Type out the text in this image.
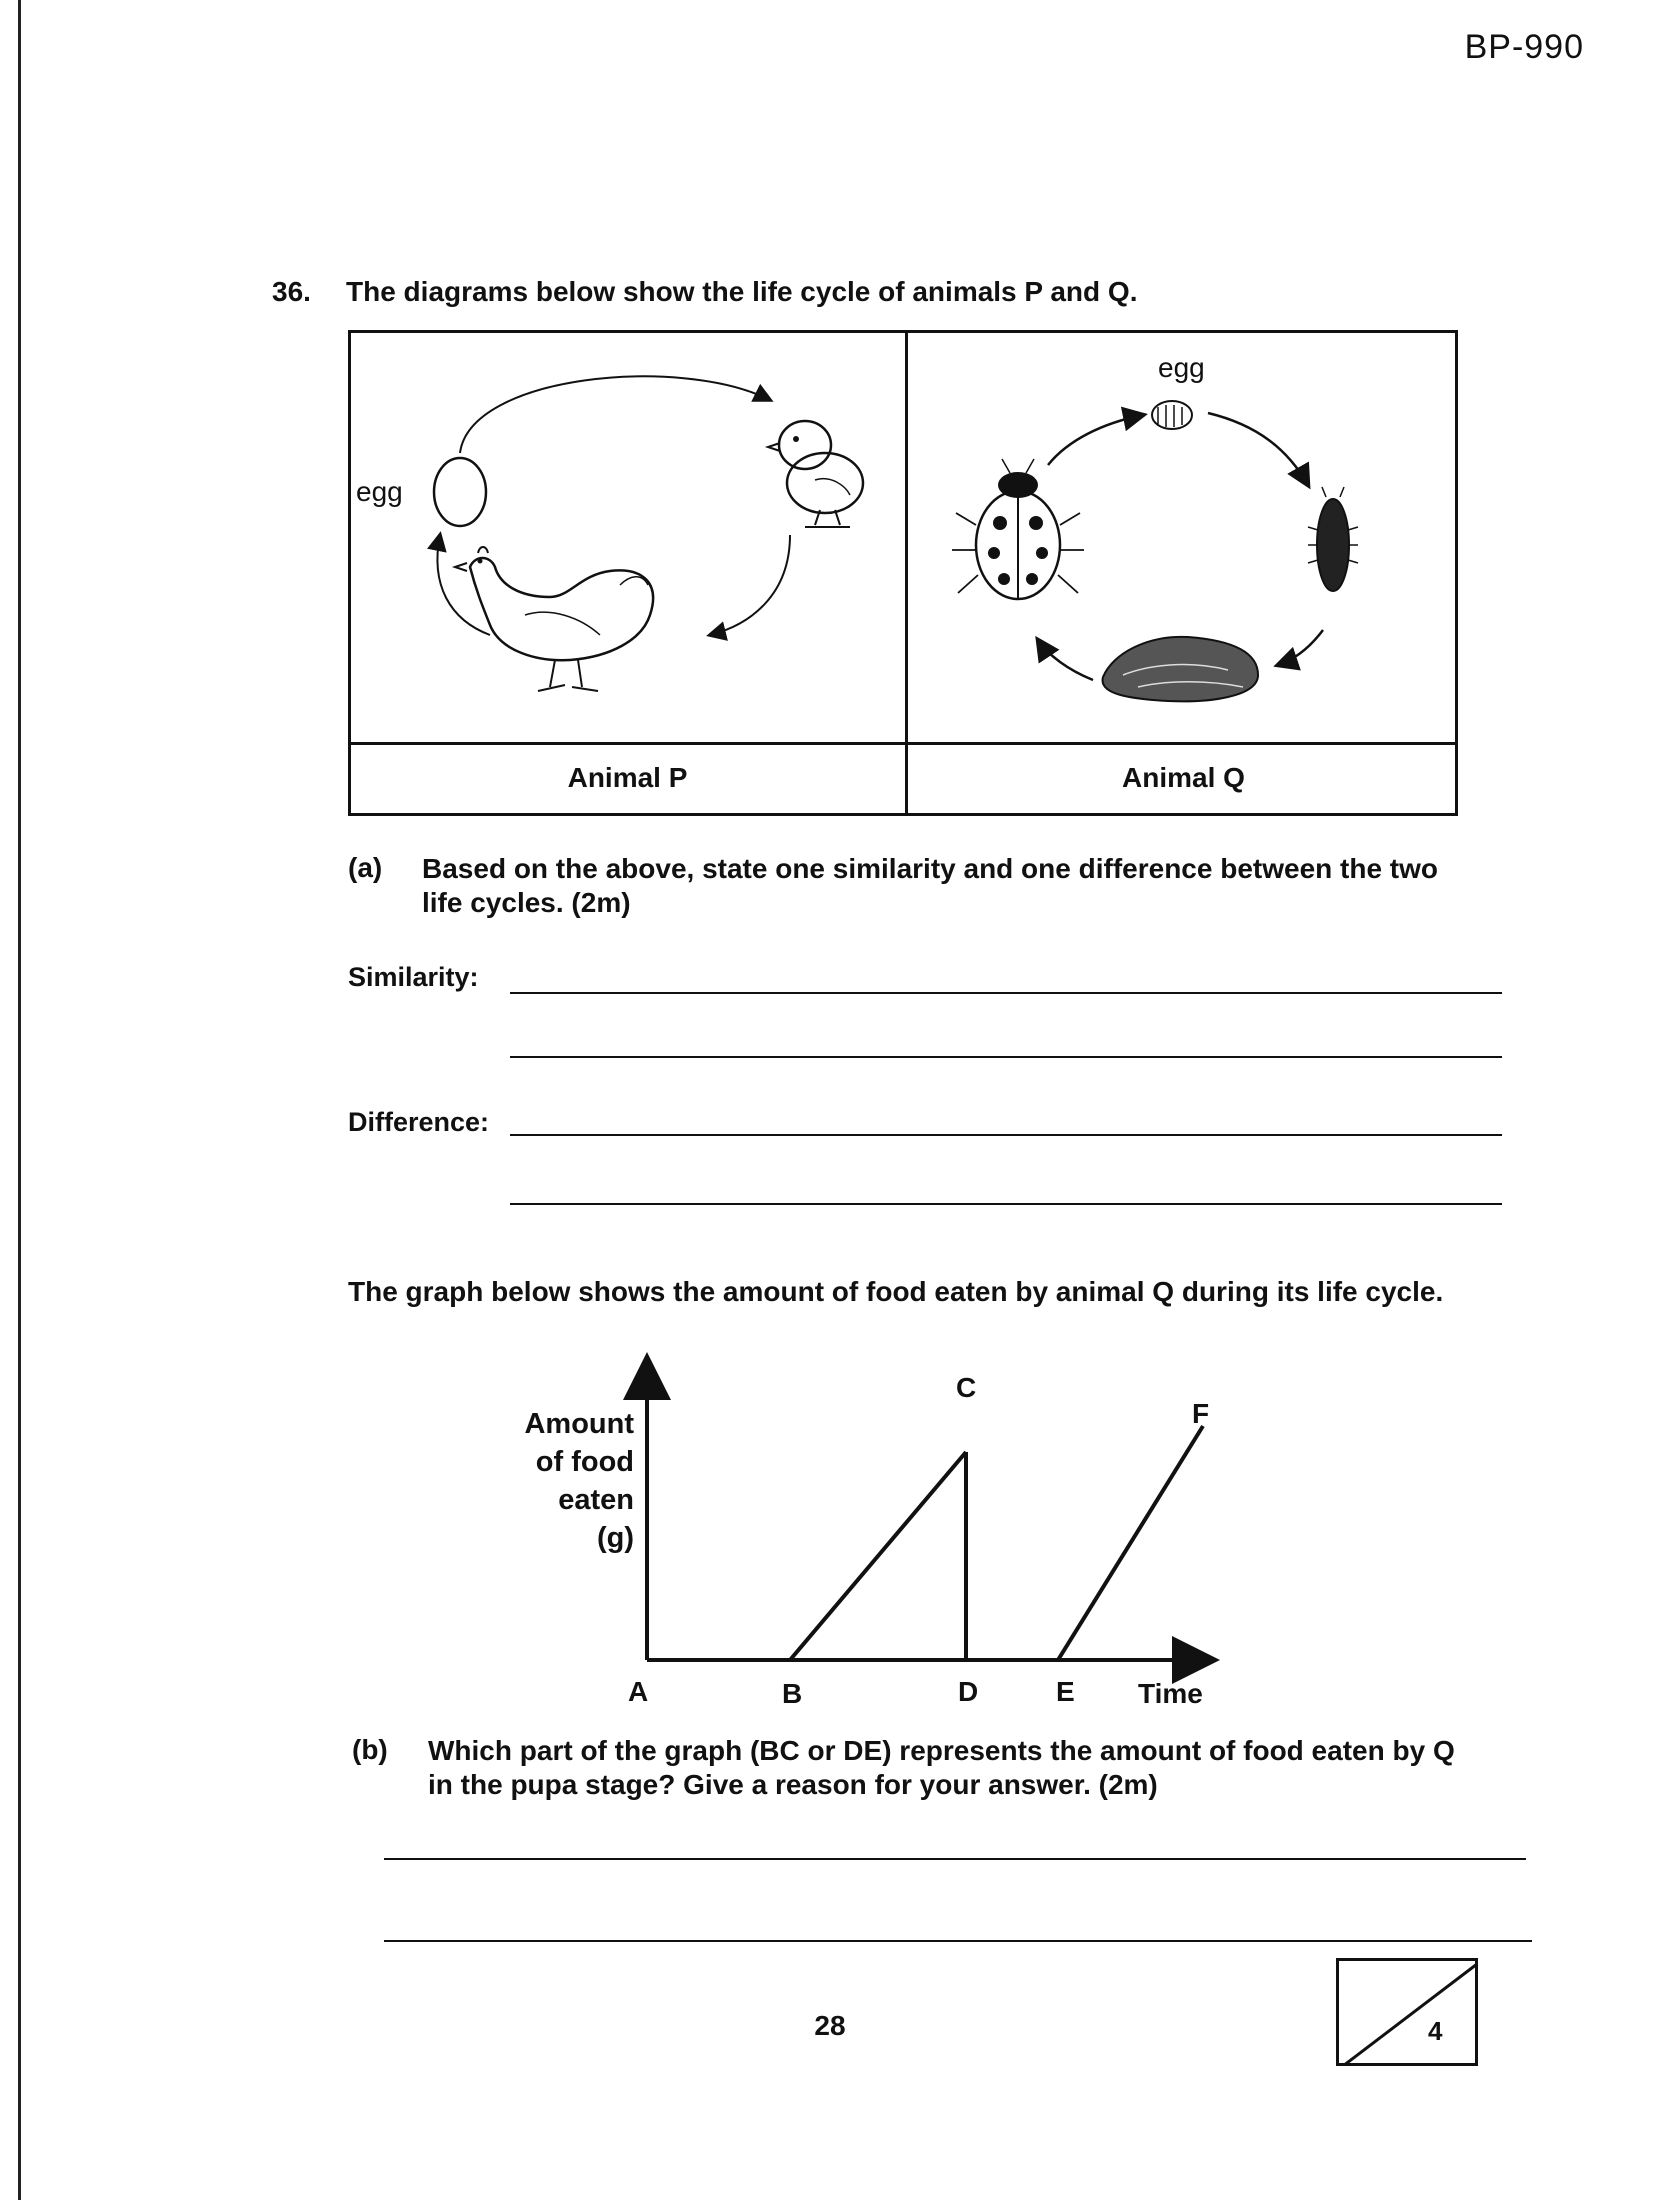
BP-990
36. The diagrams below show the life cycle of animals P and Q.
egg
egg
Animal P	Animal Q
(a) Based on the above, state one similarity and one difference between the two
life cycles. (2m)
Similarity:
Difference:
The graph below shows the amount of food eaten by animal Q during its life cycle.
Amount
of food
eaten
(g)
A	B
C
D	E
F
Time
(b) Which part of the graph (BC or DE) represents the amount of food eaten by Q
in the pupa stage? Give a reason for your answer. (2m)
28	4
